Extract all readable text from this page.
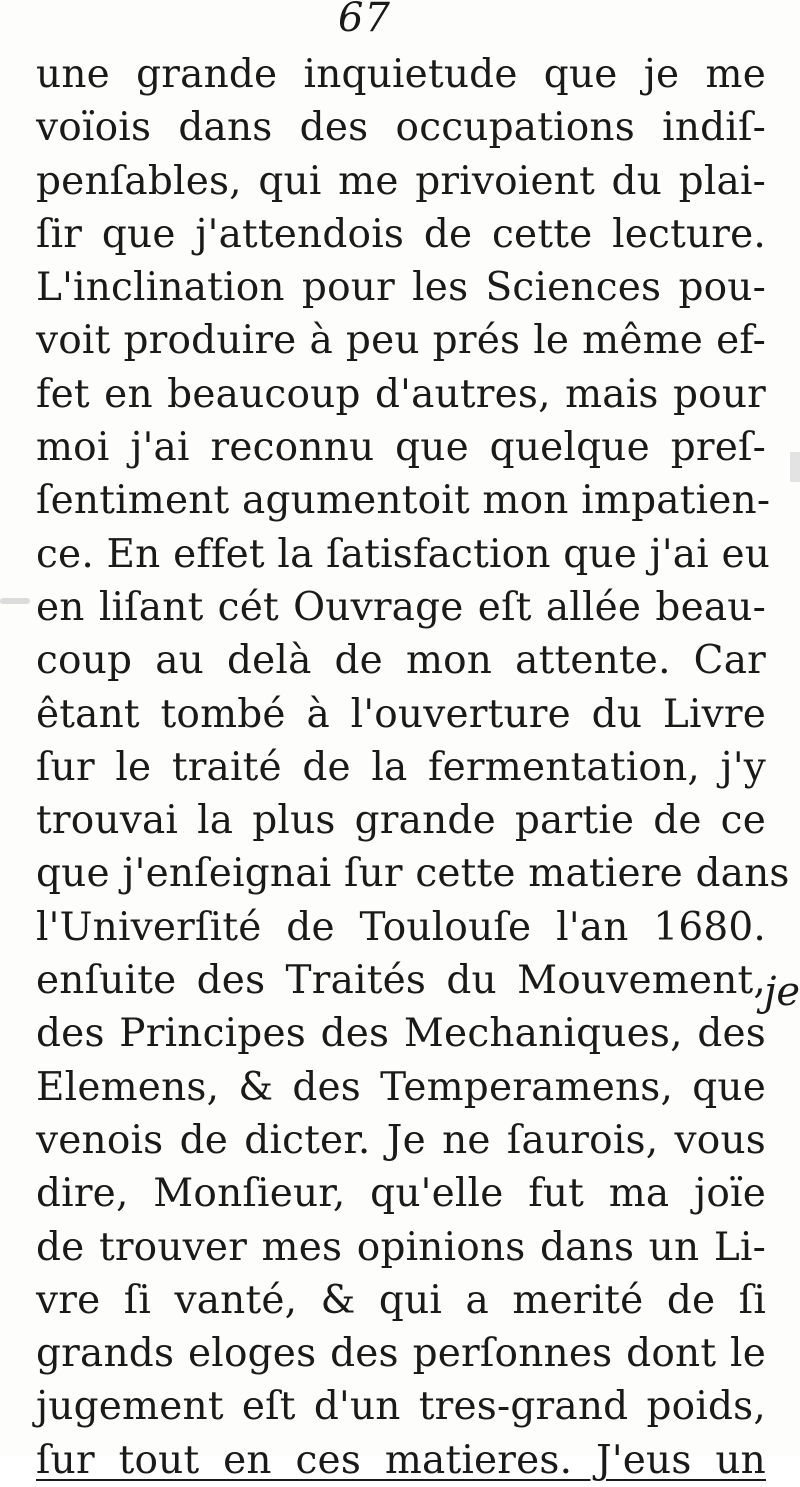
67
une grande inquietude que je me
voïois dans des occupations indiſ-
penſables, qui me privoient du plai-
ſir que j'attendois de cette lecture.
L'inclination pour les Sciences pou-
voit produire à peu prés le même ef-
fet en beaucoup d'autres, mais pour
moi j'ai reconnu que quelque preſ-
ſentiment agumentoit mon impatien-
ce. En effet la ſatisfaction que j'ai eu
en liſant cét Ouvrage eſt allée beau-
coup au delà de mon attente. Car
êtant tombé à l'ouverture du Livre
ſur le traité de la fermentation, j'y
trouvai la plus grande partie de ce
que j'enſeignai ſur cette matiere dans
l'Univerſité de Toulouſe l'an 1680.
enſuite des Traités du Mouvement,
des Principes des Mechaniques, des
Elemens, & des Temperamens, que
venois de dicter. Je ne ſaurois, vous
dire, Monſieur, qu'elle fut ma joïe
de trouver mes opinions dans un Li-
vre ſi vanté, & qui a merité de ſi
grands eloges des perſonnes dont le
jugement eſt d'un tres-grand poids,
ſur tout en ces matieres. J'eus un
je
